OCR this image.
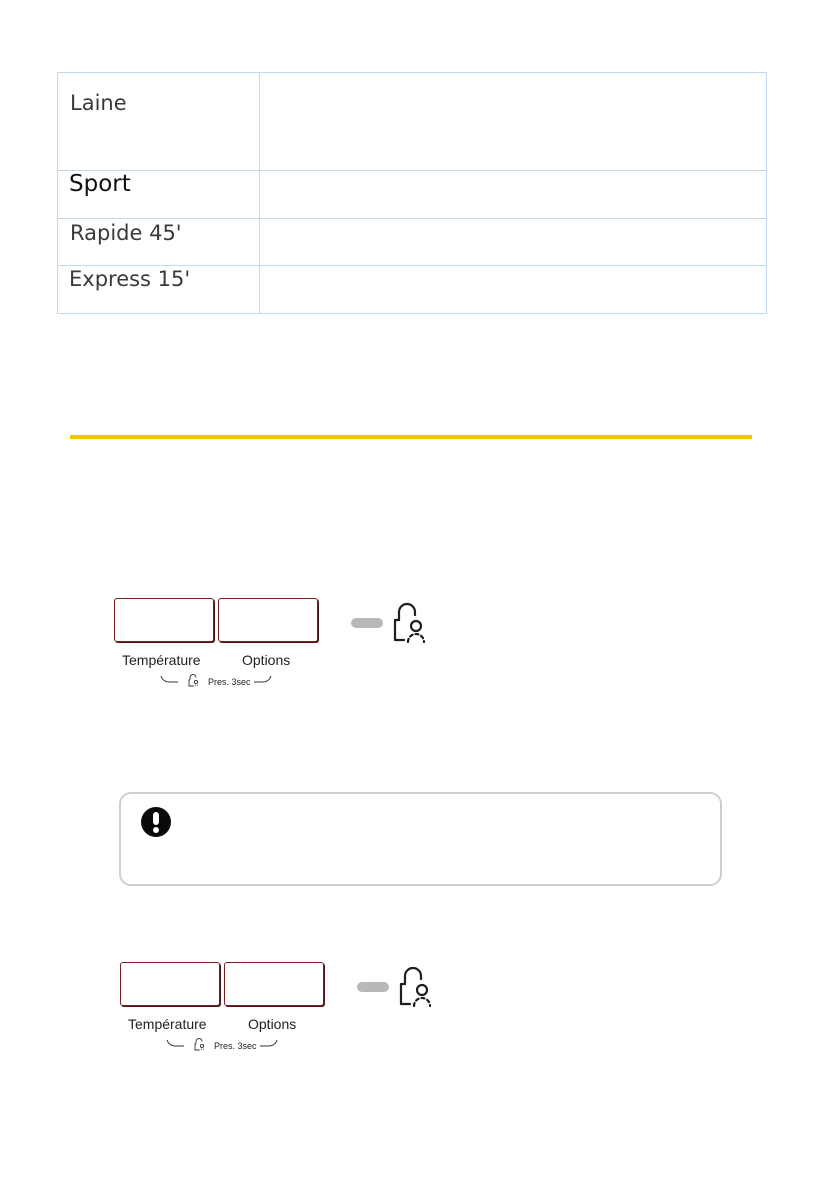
Laine	

Sport	

Rapide 45'	

Express 15'	

Température	Options
Pres. 3sec
Température	Options
Pres. 3sec
